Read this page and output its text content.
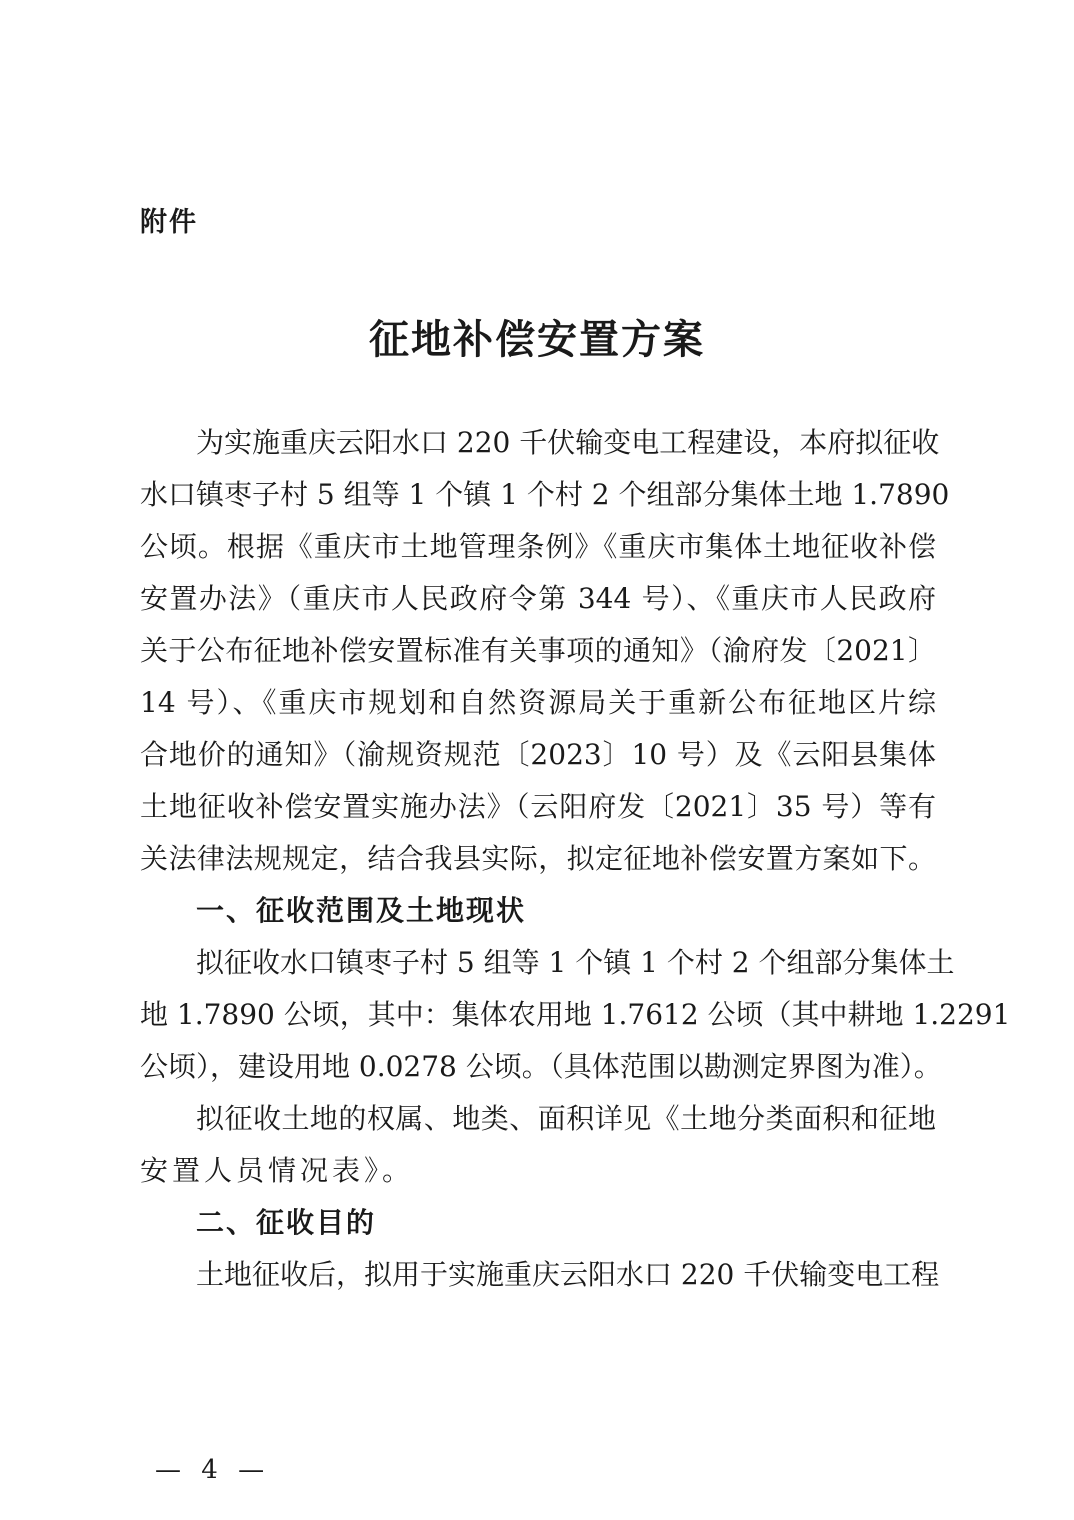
附件
征地补偿安置方案
为实施重庆云阳水口 220 千伏输变电工程建设，本府拟征收
水口镇枣子村 5 组等 1 个镇 1 个村 2 个组部分集体土地 1.7890
公顷。根据《重庆市土地管理条例》《重庆市集体土地征收补偿
安置办法》（重庆市人民政府令第 344 号）、《重庆市人民政府
关于公布征地补偿安置标准有关事项的通知》（渝府发〔2021〕
14 号）、《重庆市规划和自然资源局关于重新公布征地区片综
合地价的通知》（渝规资规范〔2023〕10 号）及《云阳县集体
土地征收补偿安置实施办法》（云阳府发〔2021〕35 号）等有
关法律法规规定，结合我县实际，拟定征地补偿安置方案如下。
一、征收范围及土地现状
拟征收水口镇枣子村 5 组等 1 个镇 1 个村 2 个组部分集体土
地 1.7890 公顷，其中：集体农用地 1.7612 公顷（其中耕地 1.2291
公顷），建设用地 0.0278 公顷。（具体范围以勘测定界图为准）。
拟征收土地的权属、地类、面积详见《土地分类面积和征地
安置人员情况表》。
二、征收目的
土地征收后，拟用于实施重庆云阳水口 220 千伏输变电工程
— 4 —
